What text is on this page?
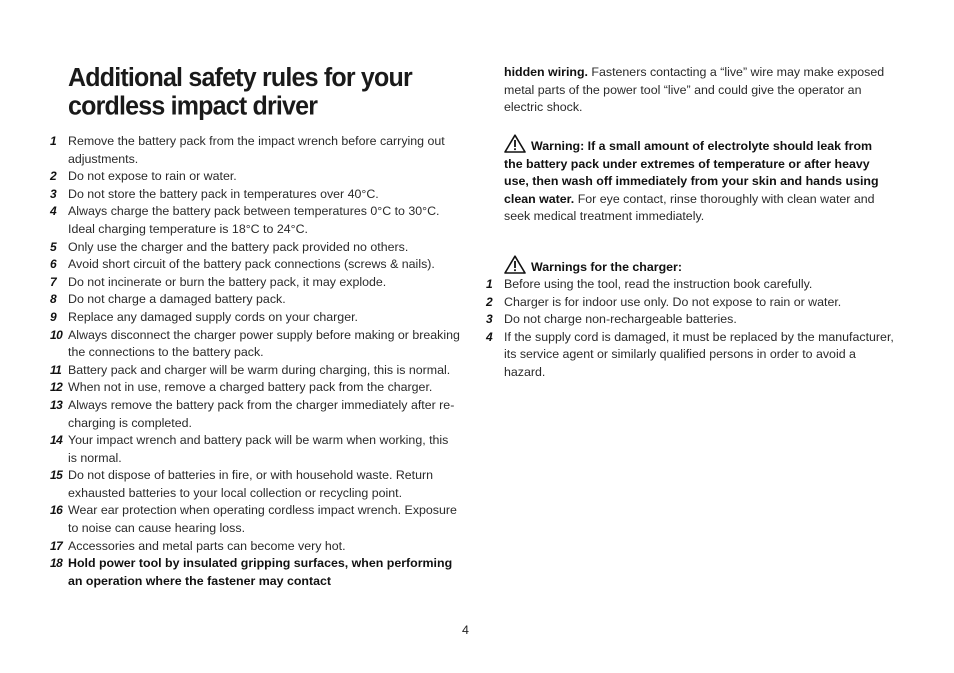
Additional safety rules for your cordless impact driver
1 Remove the battery pack from the impact wrench before carrying out adjustments.
2 Do not expose to rain or water.
3 Do not store the battery pack in temperatures over 40°C.
4 Always charge the battery pack between temperatures 0°C to 30°C. Ideal charging temperature is 18°C to 24°C.
5 Only use the charger and the battery pack provided no others.
6 Avoid short circuit of the battery pack connections (screws & nails).
7 Do not incinerate or burn the battery pack, it may explode.
8 Do not charge a damaged battery pack.
9 Replace any damaged supply cords on your charger.
10 Always disconnect the charger power supply before making or breaking the connections to the battery pack.
11 Battery pack and charger will be warm during charging, this is normal.
12 When not in use, remove a charged battery pack from the charger.
13 Always remove the battery pack from the charger immediately after re-charging is completed.
14 Your impact wrench and battery pack will be warm when working, this is normal.
15 Do not dispose of batteries in fire, or with household waste. Return exhausted batteries to your local collection or recycling point.
16 Wear ear protection when operating cordless impact wrench. Exposure to noise can cause hearing loss.
17 Accessories and metal parts can become very hot.
18 Hold power tool by insulated gripping surfaces, when performing an operation where the fastener may contact

hidden wiring. Fasteners contacting a “live” wire may make exposed metal parts of the power tool “live” and could give the operator an electric shock.

Warning: If a small amount of electrolyte should leak from the battery pack under extremes of temperature or after heavy use, then wash off immediately from your skin and hands using clean water. For eye contact, rinse thoroughly with clean water and seek medical treatment immediately.

Warnings for the charger:
1 Before using the tool, read the instruction book carefully.
2 Charger is for indoor use only. Do not expose to rain or water.
3 Do not charge non-rechargeable batteries.
4 If the supply cord is damaged, it must be replaced by the manufacturer, its service agent or similarly qualified persons in order to avoid a hazard.
4
